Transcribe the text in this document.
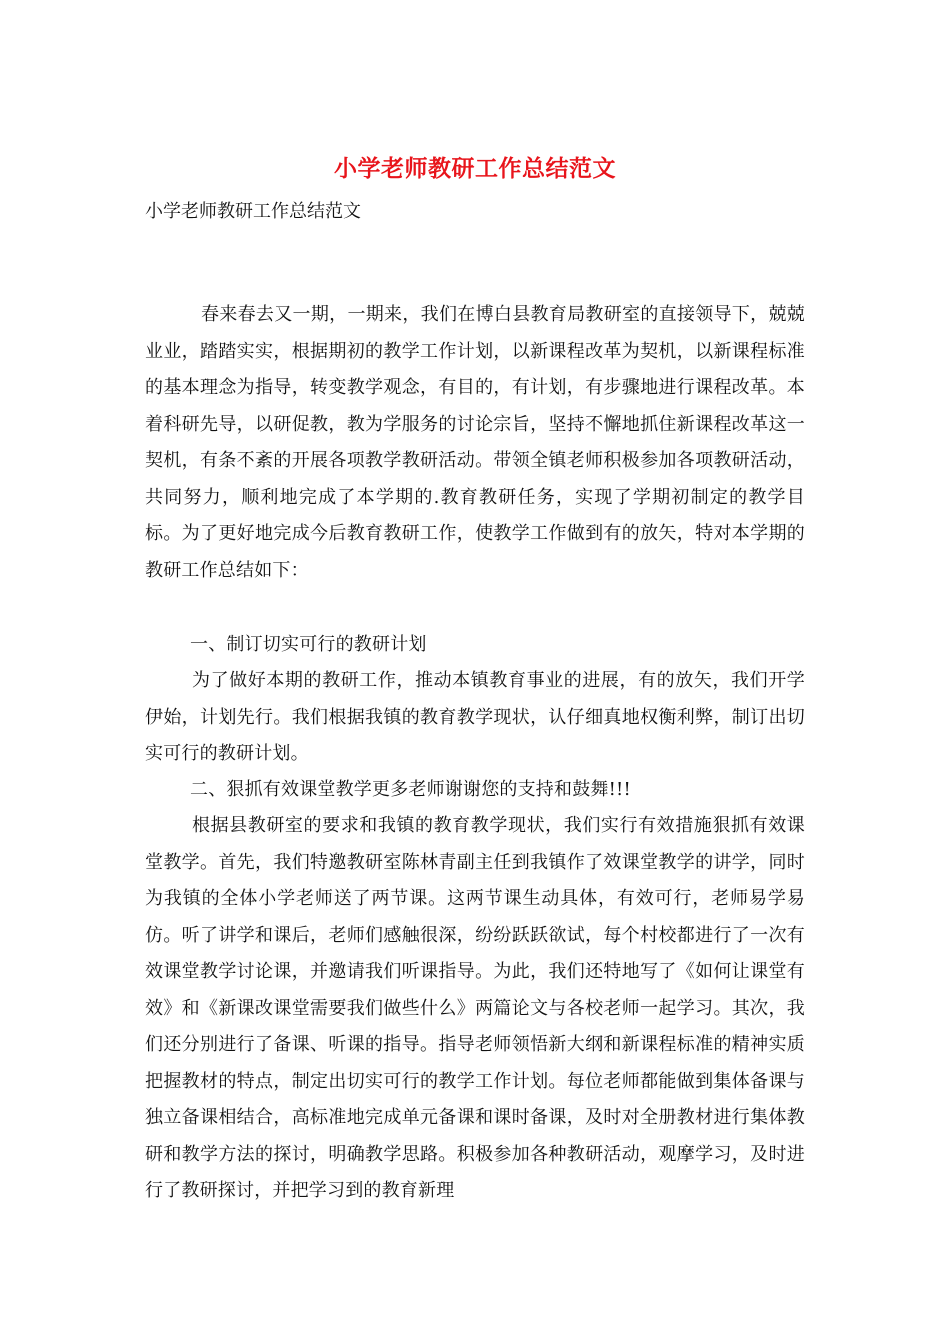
小学老师教研工作总结范文

小学老师教研工作总结范文

春来春去又一期，一期来，我们在博白县教育局教研室的直接领导下，兢兢业业，踏踏实实，根据期初的教学工作计划，以新课程改革为契机，以新课程标准的基本理念为指导，转变教学观念，有目的，有计划，有步骤地进行课程改革。本着科研先导，以研促教，教为学服务的讨论宗旨，坚持不懈地抓住新课程改革这一契机，有条不紊的开展各项教学教研活动。带领全镇老师积极参加各项教研活动，共同努力，顺利地完成了本学期的.教育教研任务，实现了学期初制定的教学目标。为了更好地完成今后教育教研工作，使教学工作做到有的放矢，特对本学期的教研工作总结如下：

一、制订切实可行的教研计划

为了做好本期的教研工作，推动本镇教育事业的进展，有的放矢，我们开学伊始，计划先行。我们根据我镇的教育教学现状，认仔细真地权衡利弊，制订出切实可行的教研计划。

二、狠抓有效课堂教学更多老师谢谢您的支持和鼓舞!!!

根据县教研室的要求和我镇的教育教学现状，我们实行有效措施狠抓有效课堂教学。首先，我们特邀教研室陈林青副主任到我镇作了效课堂教学的讲学，同时为我镇的全体小学老师送了两节课。这两节课生动具体，有效可行，老师易学易仿。听了讲学和课后，老师们感触很深，纷纷跃跃欲试，每个村校都进行了一次有效课堂教学讨论课，并邀请我们听课指导。为此，我们还特地写了《如何让课堂有效》和《新课改课堂需要我们做些什么》两篇论文与各校老师一起学习。其次，我们还分别进行了备课、听课的指导。指导老师领悟新大纲和新课程标准的精神实质把握教材的特点，制定出切实可行的教学工作计划。每位老师都能做到集体备课与独立备课相结合，高标准地完成单元备课和课时备课，及时对全册教材进行集体教研和教学方法的探讨，明确教学思路。积极参加各种教研活动，观摩学习，及时进行了教研探讨，并把学习到的教育新理
